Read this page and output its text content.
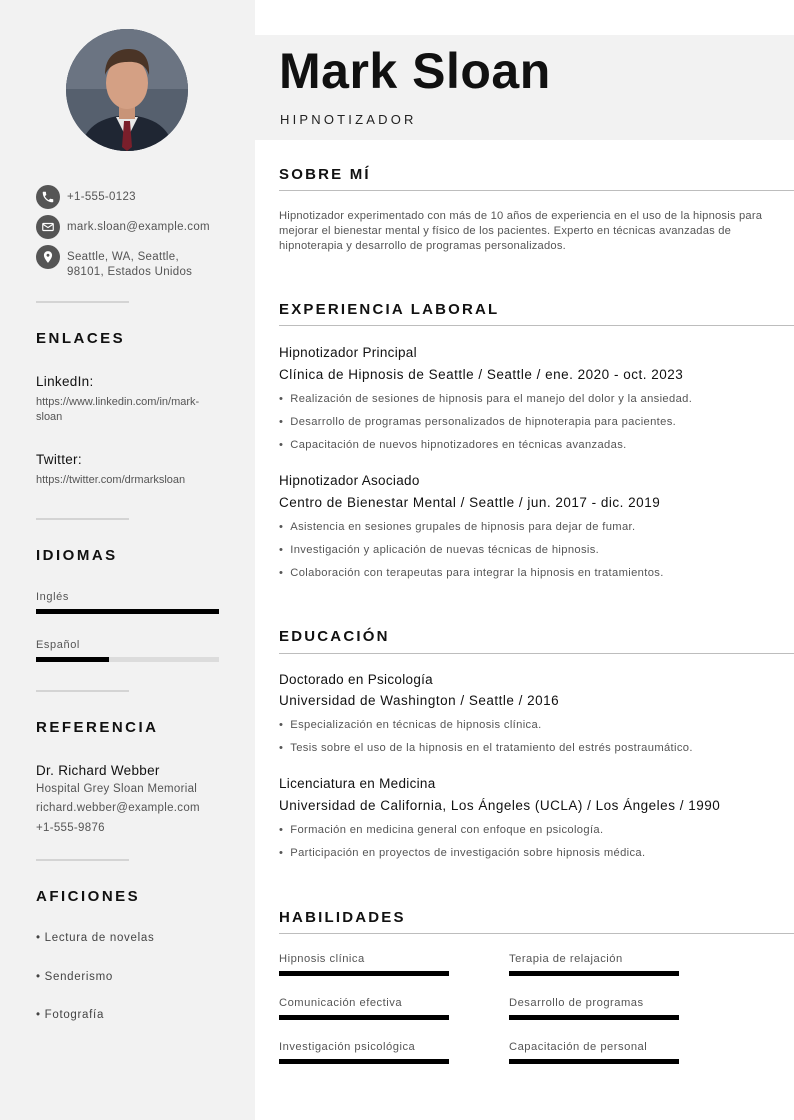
+1-555-0123
mark.sloan@example.com
Seattle, WA, Seattle,
98101, Estados Unidos
ENLACES
LinkedIn:
https://www.linkedin.com/in/mark-
sloan
Twitter:
https://twitter.com/drmarksloan
IDIOMAS
Inglés
Español
REFERENCIA
Dr. Richard Webber
Hospital Grey Sloan Memorial
richard.webber@example.com
+1-555-9876
AFICIONES
• Lectura de novelas
• Senderismo
• Fotografía
Mark Sloan
HIPNOTIZADOR
SOBRE MÍ
Hipnotizador experimentado con más de 10 años de experiencia en el uso de la hipnosis para mejorar el bienestar mental y físico de los pacientes. Experto en técnicas avanzadas de hipnoterapia y desarrollo de programas personalizados.
EXPERIENCIA LABORAL
Hipnotizador Principal
Clínica de Hipnosis de Seattle / Seattle / ene. 2020 - oct. 2023
• Realización de sesiones de hipnosis para el manejo del dolor y la ansiedad.
• Desarrollo de programas personalizados de hipnoterapia para pacientes.
• Capacitación de nuevos hipnotizadores en técnicas avanzadas.
Hipnotizador Asociado
Centro de Bienestar Mental / Seattle / jun. 2017 - dic. 2019
• Asistencia en sesiones grupales de hipnosis para dejar de fumar.
• Investigación y aplicación de nuevas técnicas de hipnosis.
• Colaboración con terapeutas para integrar la hipnosis en tratamientos.
EDUCACIÓN
Doctorado en Psicología
Universidad de Washington / Seattle / 2016
• Especialización en técnicas de hipnosis clínica.
• Tesis sobre el uso de la hipnosis en el tratamiento del estrés postraumático.
Licenciatura en Medicina
Universidad de California, Los Ángeles (UCLA) / Los Ángeles / 1990
• Formación en medicina general con enfoque en psicología.
• Participación en proyectos de investigación sobre hipnosis médica.
HABILIDADES
Hipnosis clínica	Terapia de relajación
Comunicación efectiva	Desarrollo de programas
Investigación psicológica	Capacitación de personal
